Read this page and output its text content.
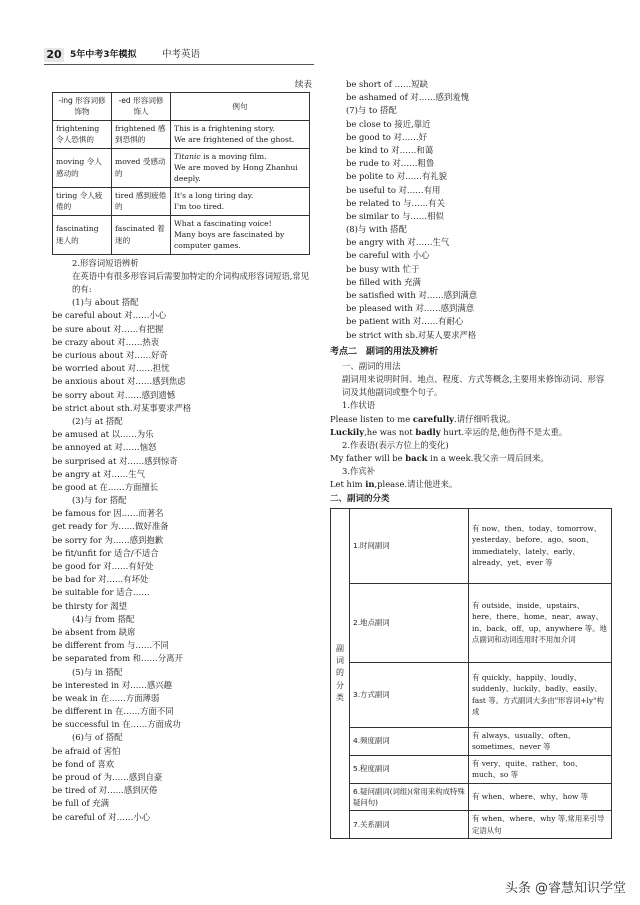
20 5年中考3年模拟	中考英语
续表
-ing 形容词修饰物	-ed 形容词修饰人	例句
frightening 令人恐惧的	frightened 感到恐惧的	This is a frightening story.
We are frightened of the ghost.

moving 令人感动的	moved 受感动的	Titanic is a moving film.
We are moved by Hong Zhanhui deeply.

tiring 令人疲倦的	tired 感到疲倦的	It's a long tiring day.
I'm too tired.

fascinating 迷人的	fascinated 着迷的	What a fascinating voice!
Many boys are fascinated by computer games.
2.形容词短语辨析
在英语中有很多形容词后需要加特定的介词构成形容词短语,常见的有:
(1)与 about 搭配
be careful about 对……小心
be sure about 对……有把握
be crazy about 对……热衷
be curious about 对……好奇
be worried about 对……担忧
be anxious about 对……感到焦虑
be sorry about 对……感到遗憾
be strict about sth.对某事要求严格
(2)与 at 搭配
be amused at 以……为乐
be annoyed at 对……恼怒
be surprised at 对……感到惊奇
be angry at 对……生气
be good at 在……方面擅长
(3)与 for 搭配
be famous for 因……而著名
get ready for 为……做好准备
be sorry for 为……感到抱歉
be fit/unfit for 适合/不适合
be good for 对……有好处
be bad for 对……有坏处
be suitable for 适合……
be thirsty for 渴望
(4)与 from 搭配
be absent from 缺席
be different from 与……不同
be separated from 和……分离开
(5)与 in 搭配
be interested in 对……感兴趣
be weak in 在……方面薄弱
be different in 在……方面不同
be successful in 在……方面成功
(6)与 of 搭配
be afraid of 害怕
be fond of 喜欢
be proud of 为……感到自豪
be tired of 对……感到厌倦
be full of 充满
be careful of 对……小心
be short of ……短缺
be ashamed of 对……感到羞愧
(7)与 to 搭配
be close to 接近,靠近
be good to 对……好
be kind to 对……和蔼
be rude to 对……粗鲁
be polite to 对……有礼貌
be useful to 对……有用
be related to 与……有关
be similar to 与……相似
(8)与 with 搭配
be angry with 对……生气
be careful with 小心
be busy with 忙于
be filled with 充满
be satisfied with 对……感到满意
be pleased with 对……感到满意
be patient with 对……有耐心
be strict with sb.对某人要求严格
考点二　副词的用法及辨析
一、副词的用法
副词用来说明时间、地点、程度、方式等概念,主要用来修饰动词、形容词及其他副词或整个句子。
1.作状语
Please listen to me carefully.请仔细听我说。
Luckily,he was not badly hurt.幸运的是,他伤得不是太重。
2.作表语(表示方位上的变化)
My father will be back in a week.我父亲一周后回来。
3.作宾补
Let him in,please.请让他进来。
二、副词的分类
副
词
的
分
类	1.时间副词	有 now、then、today、tomorrow、yesterday、before、ago、soon、immediately、lately、early、already、yet、ever 等
	2.地点副词	有 outside、inside、upstairs、here、there、home、near、away、in、back、off、up、anywhere 等。地点副词和动词连用时不用加介词
	3.方式副词	有 quickly、happily、loudly、suddenly、luckily、badly、easily、fast 等。方式副词大多由"形容词+ly"构成
	4.频度副词	有 always、usually、often、sometimes、never 等
	5.程度副词	有 very、quite、rather、too、much、so 等
	6.疑问副词(词组)(常用来构成特殊疑问句)	有 when、where、why、how 等
	7.关系副词	有 when、where、why 等,常用来引导定语从句
头条 @睿慧知识学堂
